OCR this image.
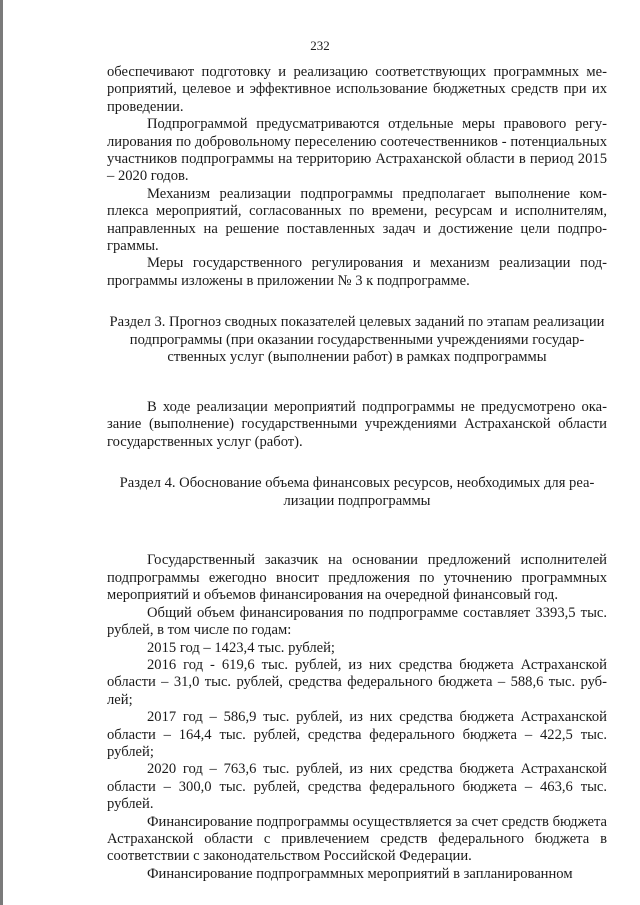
232

обеспечивают подготовку и реализацию соответствующих программных мероприятий, целевое и эффективное использование бюджетных средств при их проведении.

Подпрограммой предусматриваются отдельные меры правового регулирования по добровольному переселению соотечественников - потенциальных участников подпрограммы на территорию Астраханской области в период 2015 – 2020 годов.

Механизм реализации подпрограммы предполагает выполнение комплекса мероприятий, согласованных по времени, ресурсам и исполнителям, направленных на решение поставленных задач и достижение цели подпрограммы.

Меры государственного регулирования и механизм реализации подпрограммы изложены в приложении № 3 к подпрограмме.

Раздел 3. Прогноз сводных показателей целевых заданий по этапам реализации подпрограммы (при оказании государственными учреждениями государственных услуг (выполнении работ) в рамках подпрограммы

В ходе реализации мероприятий подпрограммы не предусмотрено оказание (выполнение) государственными учреждениями Астраханской области государственных услуг (работ).

Раздел 4. Обоснование объема финансовых ресурсов, необходимых для реализации подпрограммы

Государственный заказчик на основании предложений исполнителей подпрограммы ежегодно вносит предложения по уточнению программных мероприятий и объемов финансирования на очередной финансовый год.

Общий объем финансирования по подпрограмме составляет 3393,5 тыс. рублей, в том числе по годам:

2015 год – 1423,4 тыс. рублей;

2016 год - 619,6 тыс. рублей, из них средства бюджета Астраханской области – 31,0 тыс. рублей, средства федерального бюджета – 588,6 тыс. рублей;

2017 год – 586,9 тыс. рублей, из них средства бюджета Астраханской области – 164,4 тыс. рублей, средства федерального бюджета – 422,5 тыс. рублей;

2020 год – 763,6 тыс. рублей, из них средства бюджета Астраханской области – 300,0 тыс. рублей, средства федерального бюджета – 463,6 тыс. рублей.

Финансирование подпрограммы осуществляется за счет средств бюджета Астраханской области с привлечением средств федерального бюджета в соответствии с законодательством Российской Федерации.

Финансирование подпрограммных мероприятий в запланированном
